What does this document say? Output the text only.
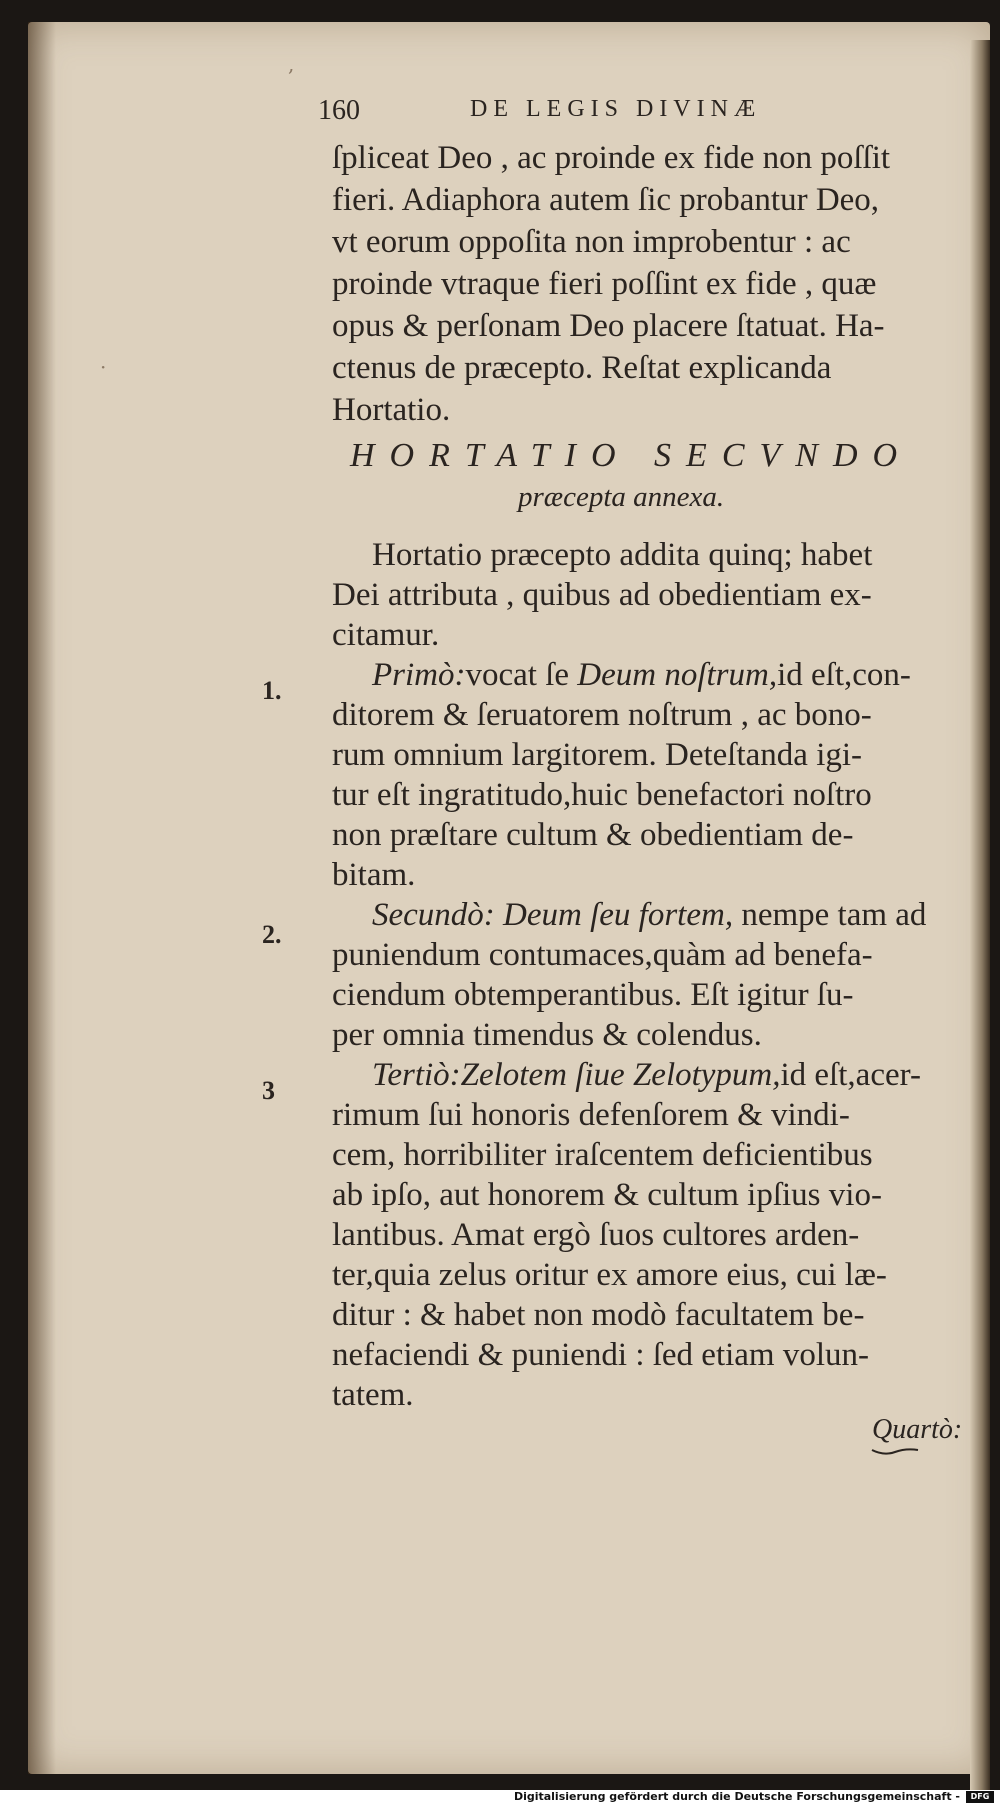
160	DE LEGIS DIVINÆ
ſpliceat Deo , ac proinde ex fide non poſſit
fieri. Adiaphora autem ſic probantur Deo,
vt eorum oppoſita non improbentur : ac
proinde vtraque fieri poſſint ex fide , quæ
opus & perſonam Deo placere ſtatuat. Ha-
ctenus de præcepto. Reſtat explicanda
Hortatio.
HORTATIO SECVNDO
præcepta annexa.
Hortatio præcepto addita quinq; habet
Dei attributa , quibus ad obedientiam ex-
citamur.
Primò:vocat ſe Deum noſtrum,id eſt,con-
ditorem & ſeruatorem noſtrum , ac bono-
rum omnium largitorem. Deteſtanda igi-
tur eſt ingratitudo,huic benefactori noſtro
non præſtare cultum & obedientiam de-
bitam.
Secundò: Deum ſeu fortem, nempe tam ad
puniendum contumaces,quàm ad benefa-
ciendum obtemperantibus. Eſt igitur ſu-
per omnia timendus & colendus.
Tertiò:Zelotem ſiue Zelotypum,id eſt,acer-
rimum ſui honoris defenſorem & vindi-
cem, horribiliter iraſcentem deficientibus
ab ipſo, aut honorem & cultum ipſius vio-
lantibus. Amat ergò ſuos cultores arden-
ter,quia zelus oritur ex amore eius, cui læ-
ditur : & habet non modò facultatem be-
nefaciendi & puniendi : ſed etiam volun-
tatem.
1.
2.
3
Quartò:
,
·
Digitalisierung gefördert durch die Deutsche Forschungsgemeinschaft -	DFG
